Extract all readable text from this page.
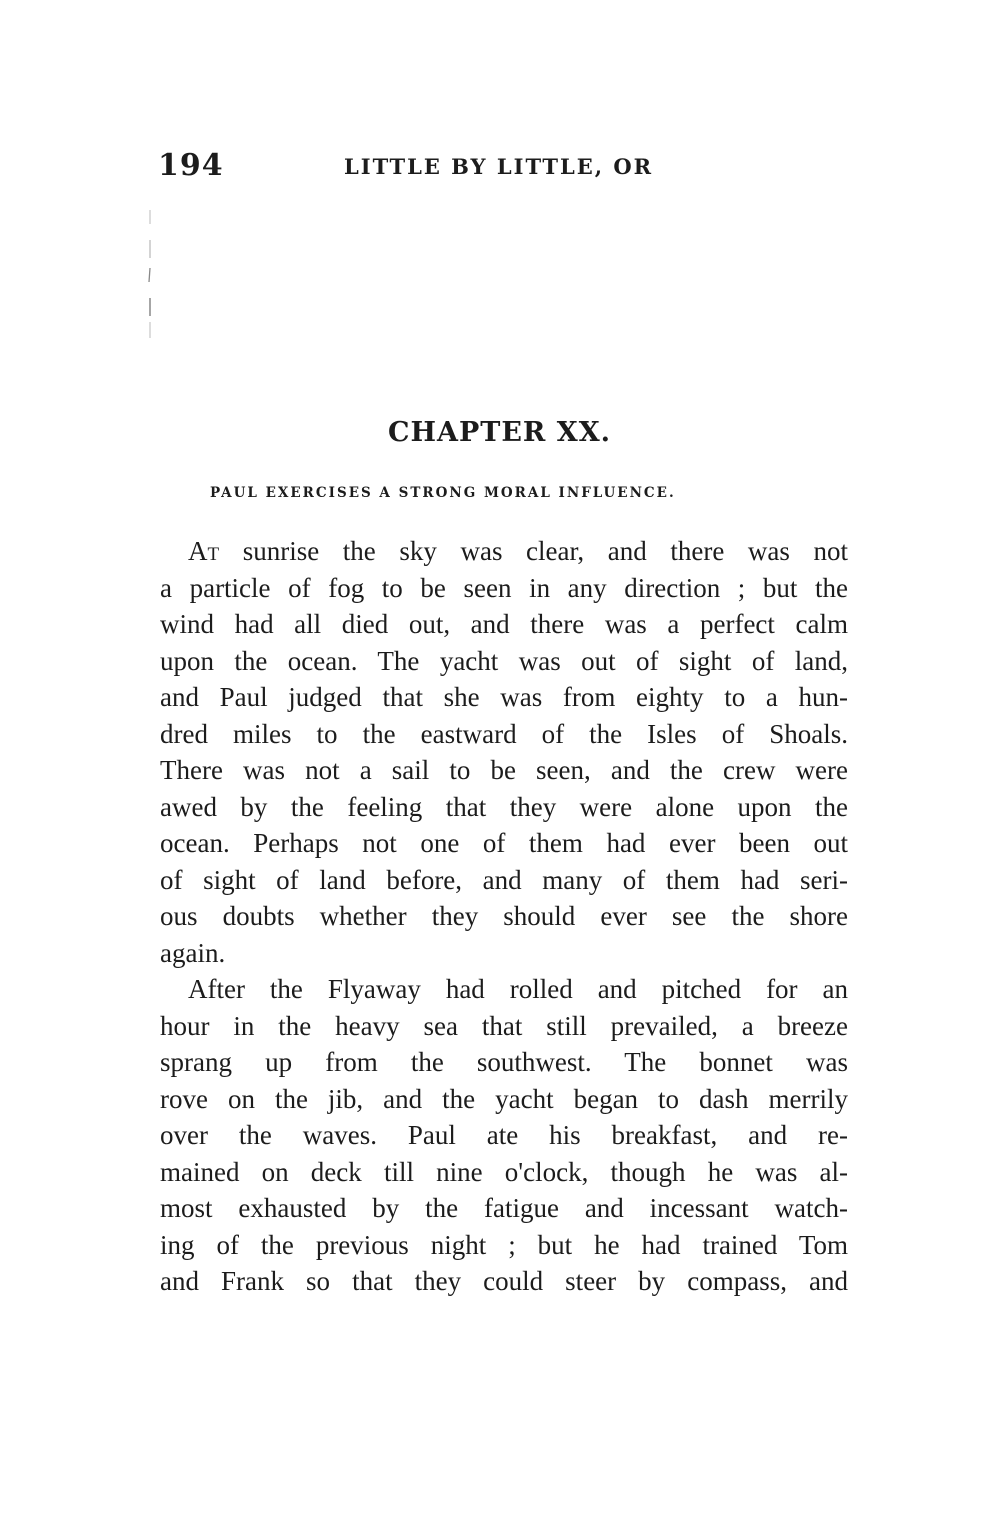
194	LITTLE BY LITTLE, OR
CHAPTER XX.
PAUL EXERCISES A STRONG MORAL INFLUENCE.
At sunrise the sky was clear, and there was not
a particle of fog to be seen in any direction ; but the
wind had all died out, and there was a perfect calm
upon the ocean. The yacht was out of sight of land,
and Paul judged that she was from eighty to a hun-
dred miles to the eastward of the Isles of Shoals.
There was not a sail to be seen, and the crew were
awed by the feeling that they were alone upon the
ocean. Perhaps not one of them had ever been out
of sight of land before, and many of them had seri-
ous doubts whether they should ever see the shore
again.
After the Flyaway had rolled and pitched for an
hour in the heavy sea that still prevailed, a breeze
sprang up from the southwest. The bonnet was
rove on the jib, and the yacht began to dash merrily
over the waves. Paul ate his breakfast, and re-
mained on deck till nine o'clock, though he was al-
most exhausted by the fatigue and incessant watch-
ing of the previous night ; but he had trained Tom
and Frank so that they could steer by compass, and
